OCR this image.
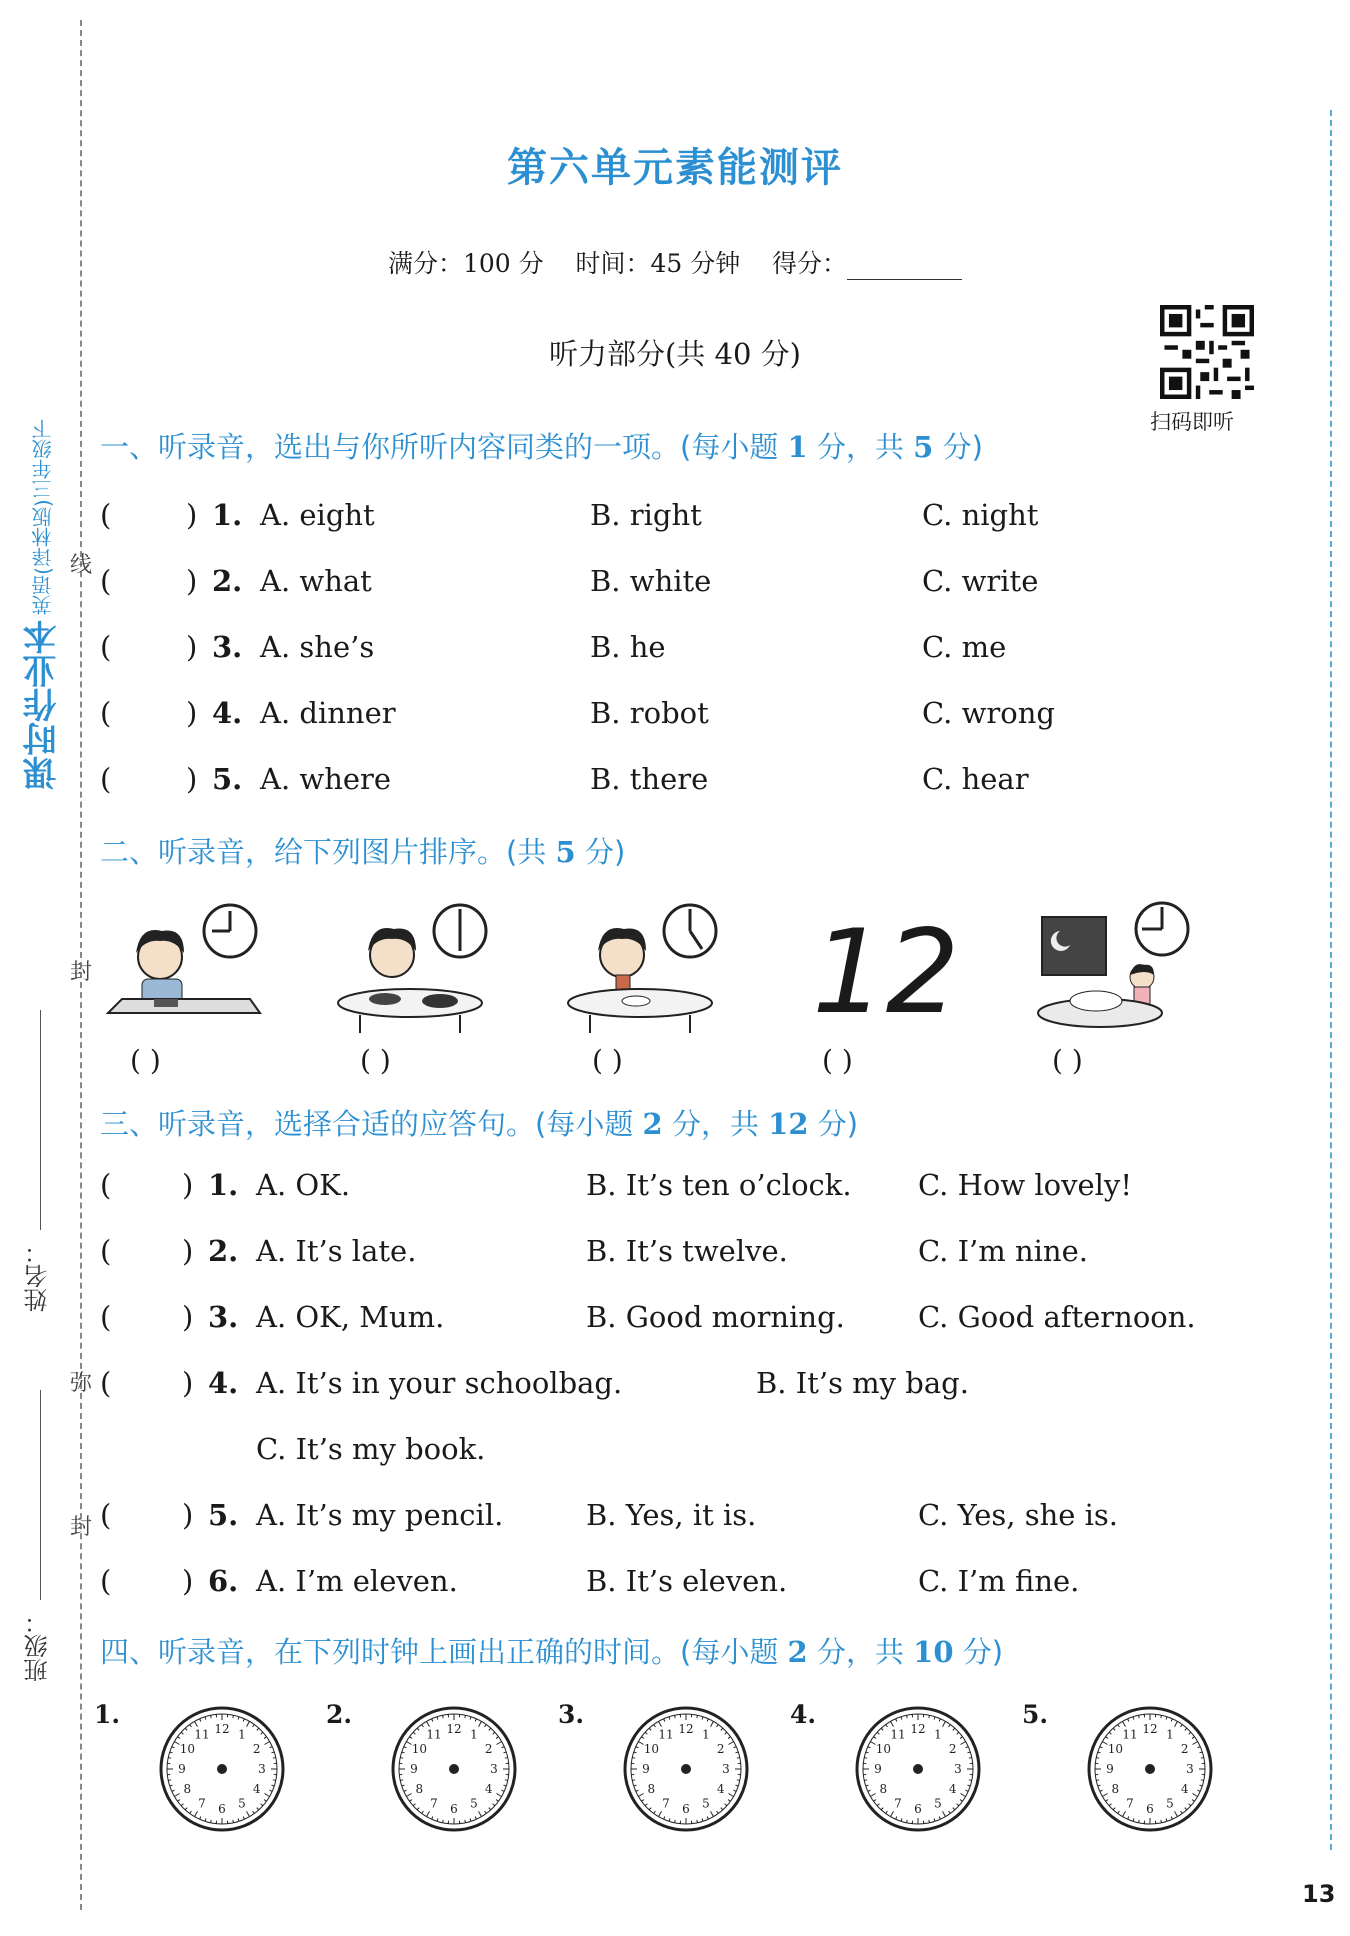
课时作业本 英语(译林版)三年级下
班级：
姓名：
线
封
弥
封
第六单元素能测评
满分：100 分 时间：45 分钟 得分：
听力部分(共 40 分)
扫码即听
一、听录音，选出与你所听内容同类的一项。(每小题 1 分，共 5 分)
(	) 1. A. eight	B. right	C. night
(	) 2. A. what	B. white	C. write
(	) 3. A. she’s	B. he	C. me
(	) 4. A. dinner	B. robot	C. wrong
(	) 5. A. where	B. there	C. hear
二、听录音，给下列图片排序。(共 5 分)
12
( )	( )	( )	( )	( )
三、听录音，选择合适的应答句。(每小题 2 分，共 12 分)
( ) 1. A. OK.	B. It’s ten o’clock. C. How lovely!
( ) 2. A. It’s late.	B. It’s twelve.	C. I’m nine.
( ) 3. A. OK, Mum.	B. Good morning.	C. Good afternoon.
( ) 4. A. It’s in your schoolbag.	B. It’s my bag.
C. It’s my book.
( ) 5. A. It’s my pencil.	B. Yes, it is.	C. Yes, she is.
( ) 6. A. I’m eleven.	B. It’s eleven.	C. I’m fine.
四、听录音，在下列时钟上画出正确的时间。(每小题 2 分，共 10 分)
1.	2.	3.	4.	5.
12 1
2
3
4
5
6
7
8
9
10
11	12 1
2
3
4
5
6
7
8
9
10
11	12 1
2
3
4
5
6
7
8
9
10
11	12 1
2
3
4
5
6
7
8
9
10
11	12 1
2
3
4
5
6
7
8
9
10
11
13
